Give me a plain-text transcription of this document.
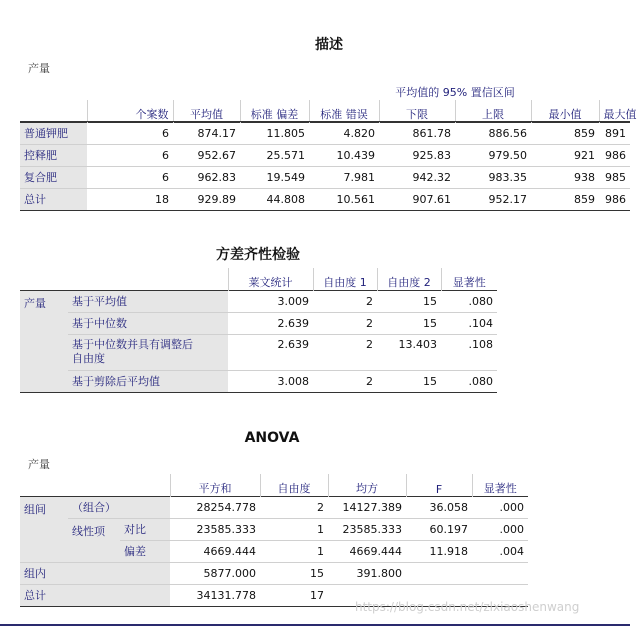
描述
产量
					平均值的 95% 置信区间			
	个案数	平均值	标准 偏差	标准 错误	下限	上限	最小值	最大值
普通钾肥	6	874.17	11.805	4.820	861.78	886.56	859	891
控释肥	6	952.67	25.571	10.439	925.83	979.50	921	986
复合肥	6	962.83	19.549	7.981	942.32	983.35	938	985
总计	18	929.89	44.808	10.561	907.61	952.17	859	986
方差齐性检验
		莱文统计	自由度 1	自由度 2	显著性
产量	基于平均值	3.009	2	15	.080
	基于中位数	2.639	2	15	.104
	基于中位数并具有调整后
自由度	2.639	2	13.403	.108
	基于剪除后平均值	3.008	2	15	.080
ANOVA
产量
			平方和	自由度	均方	F	显著性
组间	（组合）		28254.778	2	14127.389	36.058	.000
	线性项	对比	23585.333	1	23585.333	60.197	.000
		偏差	4669.444	1	4669.444	11.918	.004
组内			5877.000	15	391.800		
总计			34131.778	17			
https://blog.csdn.net/zlxiaoshenwang
